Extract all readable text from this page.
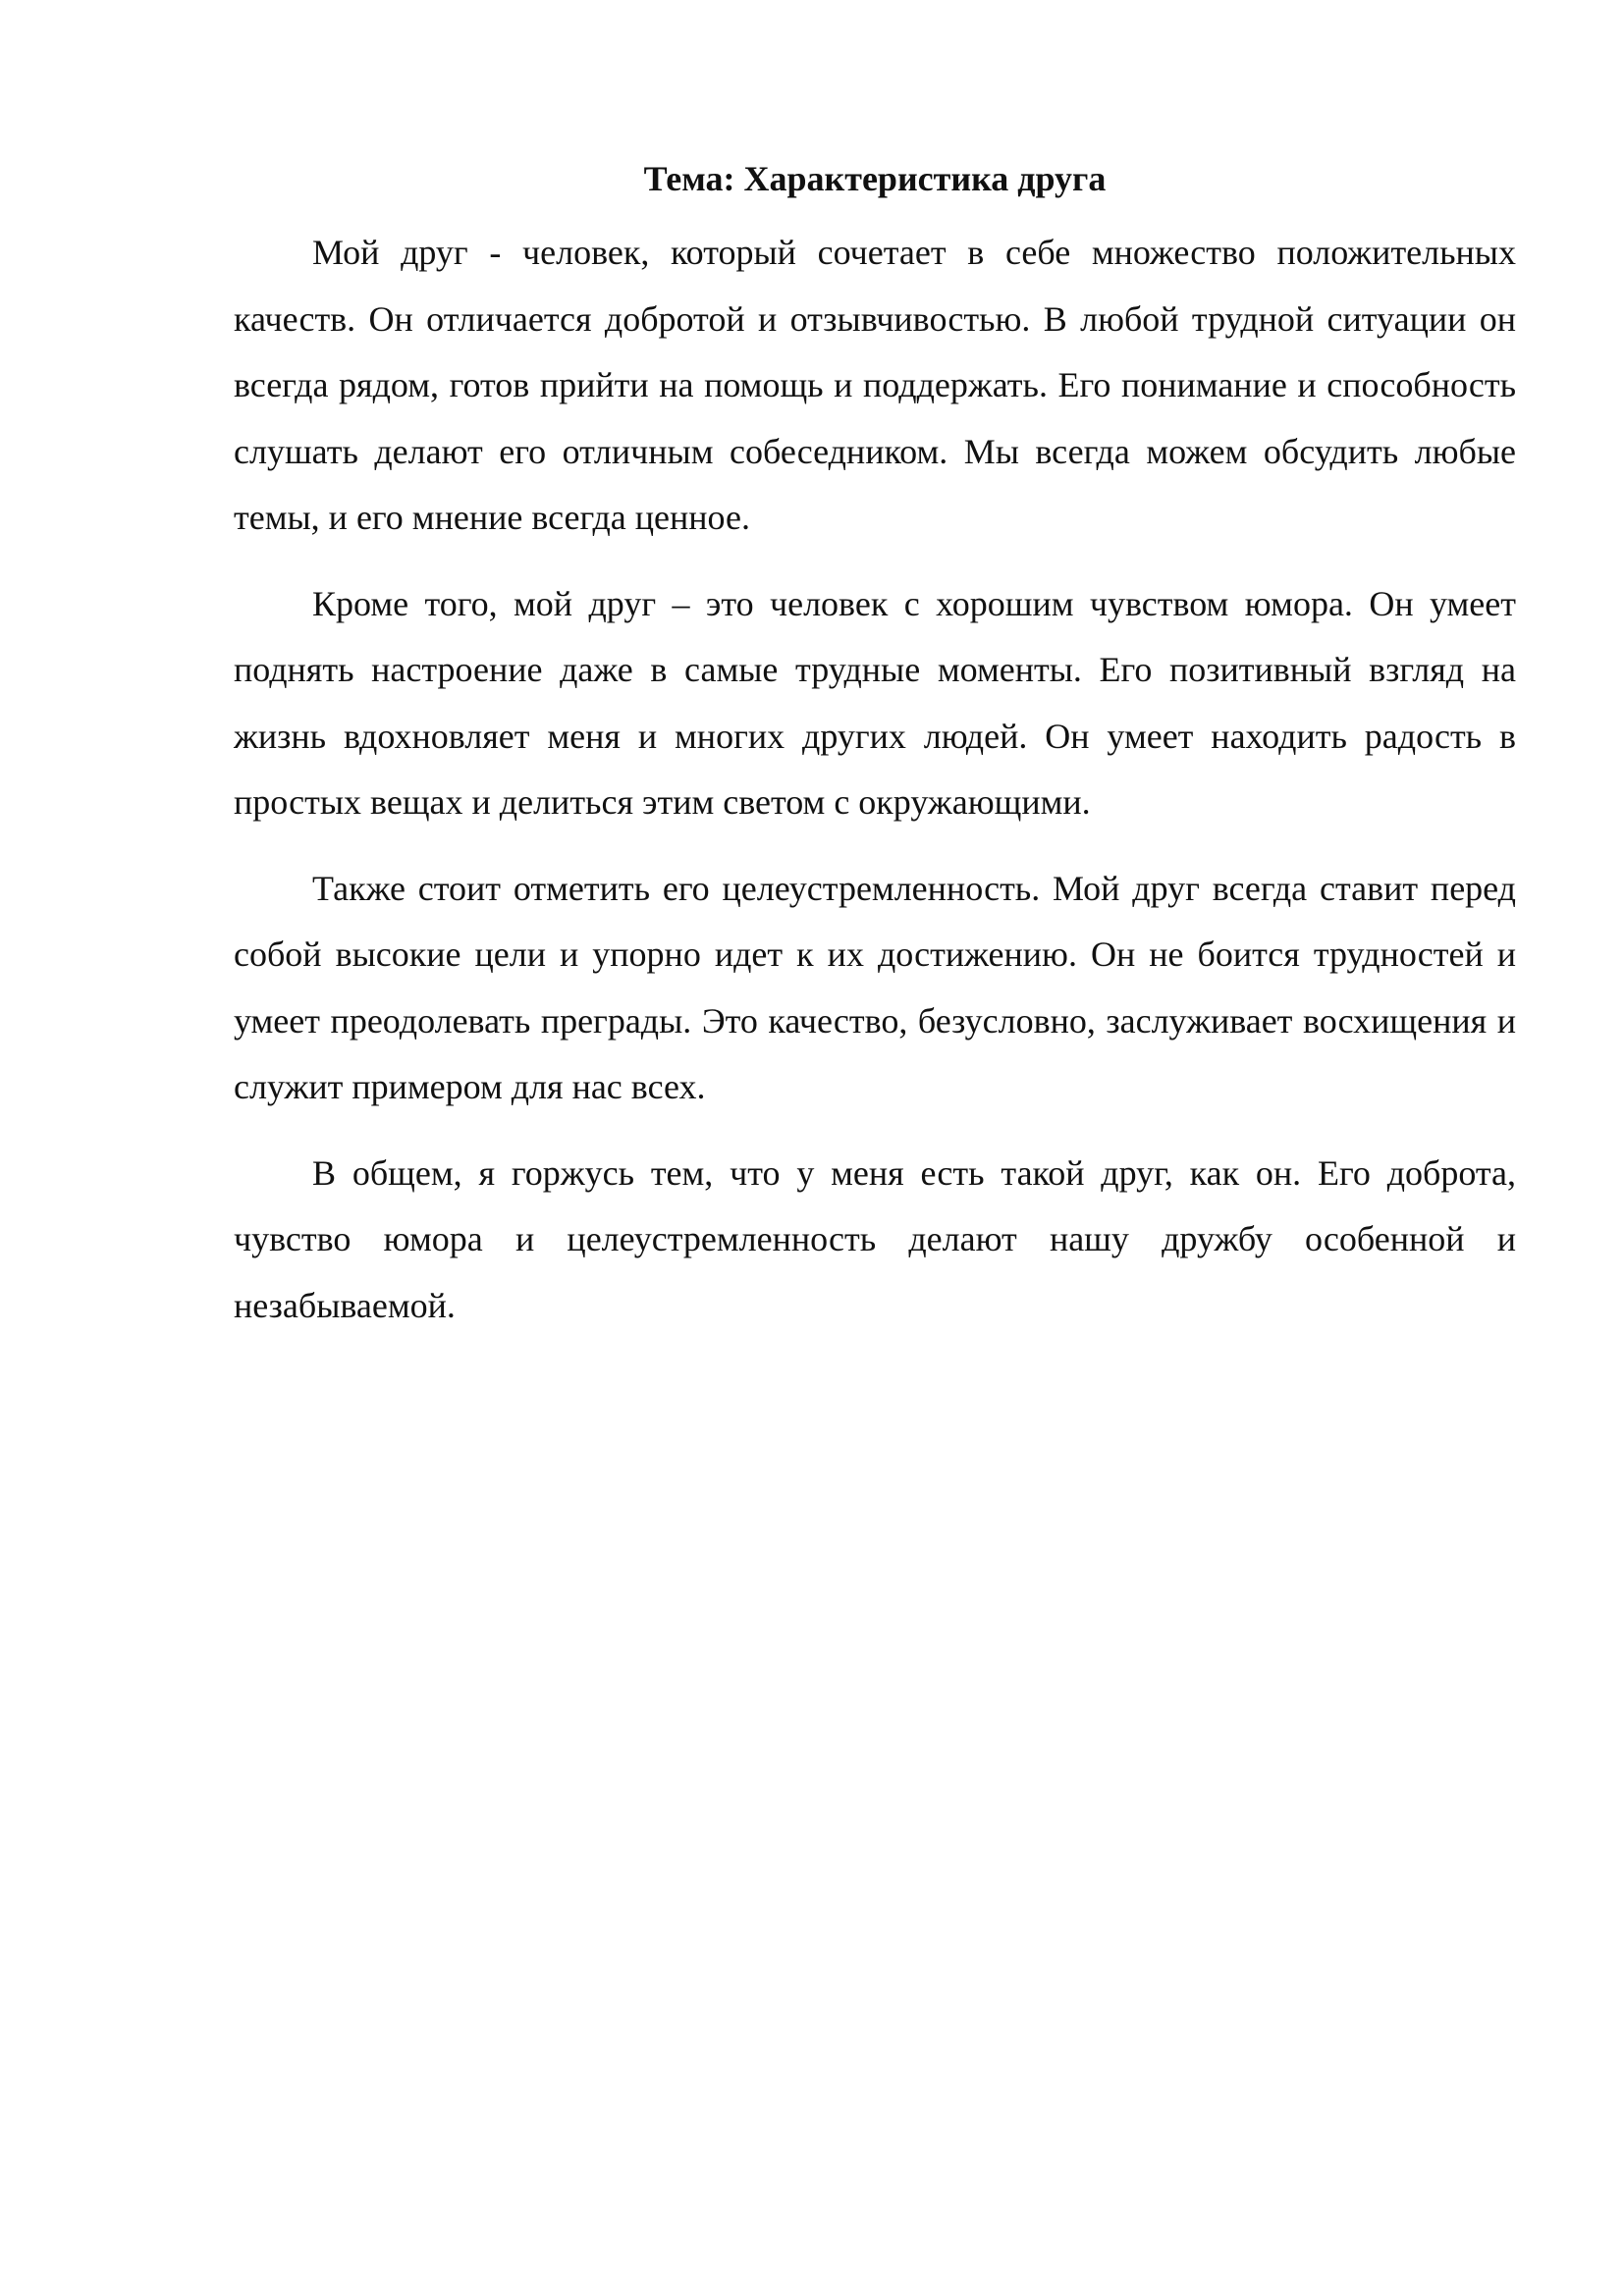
Тема: Характеристика друга

Мой друг - человек, который сочетает в себе множество положительных качеств. Он отличается добротой и отзывчивостью. В любой трудной ситуации он всегда рядом, готов прийти на помощь и поддержать. Его понимание и способность слушать делают его отличным собеседником. Мы всегда можем обсудить любые темы, и его мнение всегда ценное.

Кроме того, мой друг – это человек с хорошим чувством юмора. Он умеет поднять настроение даже в самые трудные моменты. Его позитивный взгляд на жизнь вдохновляет меня и многих других людей. Он умеет находить радость в простых вещах и делиться этим светом с окружающими.

Также стоит отметить его целеустремленность. Мой друг всегда ставит перед собой высокие цели и упорно идет к их достижению. Он не боится трудностей и умеет преодолевать преграды. Это качество, безусловно, заслуживает восхищения и служит примером для нас всех.

В общем, я горжусь тем, что у меня есть такой друг, как он. Его доброта, чувство юмора и целеустремленность делают нашу дружбу особенной и незабываемой.
